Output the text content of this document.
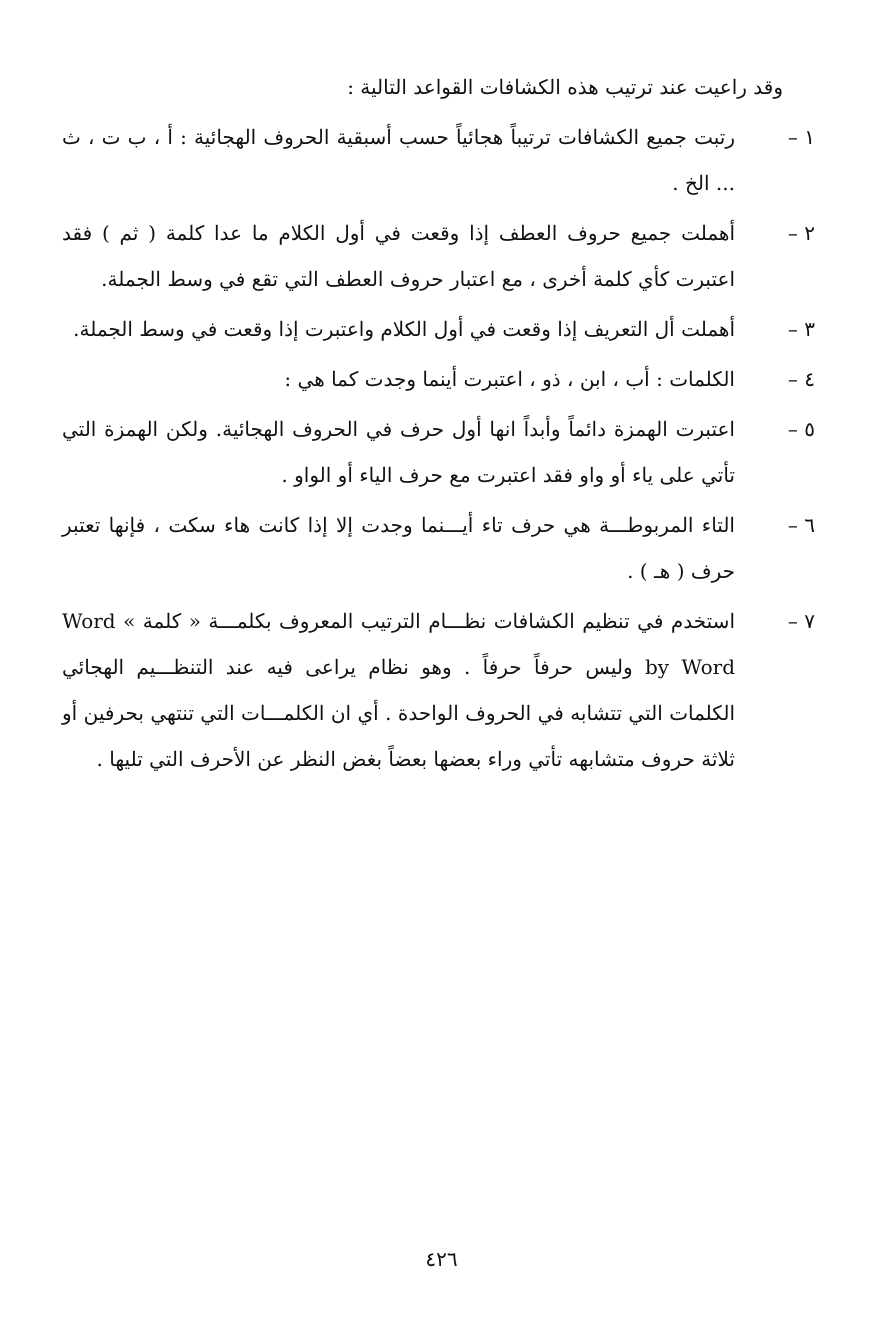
وقد راعيت عند ترتيب هذه الكشافات القواعد التالية :

١ –
رتبت جميع الكشافات ترتيباً هجائياً حسب أسبقية الحروف الهجائية : أ ، ب ت ، ث ... الخ .
٢ –
أهملت جميع حروف العطف إذا وقعت في أول الكلام ما عدا كلمة ( ثم ) فقد اعتبرت كأي كلمة أخرى ، مع اعتبار حروف العطف التي تقع في وسط الجملة.
٣ –
أهملت أل التعريف إذا وقعت في أول الكلام واعتبرت إذا وقعت في وسط الجملة.
٤ –
الكلمات : أب ، ابن ، ذو ، اعتبرت أينما وجدت كما هي :
٥ –
اعتبرت الهمزة دائماً وأبداً انها أول حرف في الحروف الهجائية. ولكن الهمزة التي تأتي على ياء أو واو فقد اعتبرت مع حرف الياء أو الواو .
٦ –
التاء المربوطـــة هي حرف تاء أيـــنما وجدت إلا إذا كانت هاء سكت ، فإنها تعتبر حرف ( هـ ) .
٧ –
استخدم في تنظيم الكشافات نظـــام الترتيب المعروف بكلمـــة « كلمة » Word by Word وليس حرفاً حرفاً . وهو نظام يراعى فيه عند التنظـــيم الهجائي الكلمات التي تتشابه في الحروف الواحدة . أي ان الكلمـــات التي تنتهي بحرفين أو ثلاثة حروف متشابهه تأتي وراء بعضها بعضاً بغض النظر عن الأحرف التي تليها .
٤٢٦
